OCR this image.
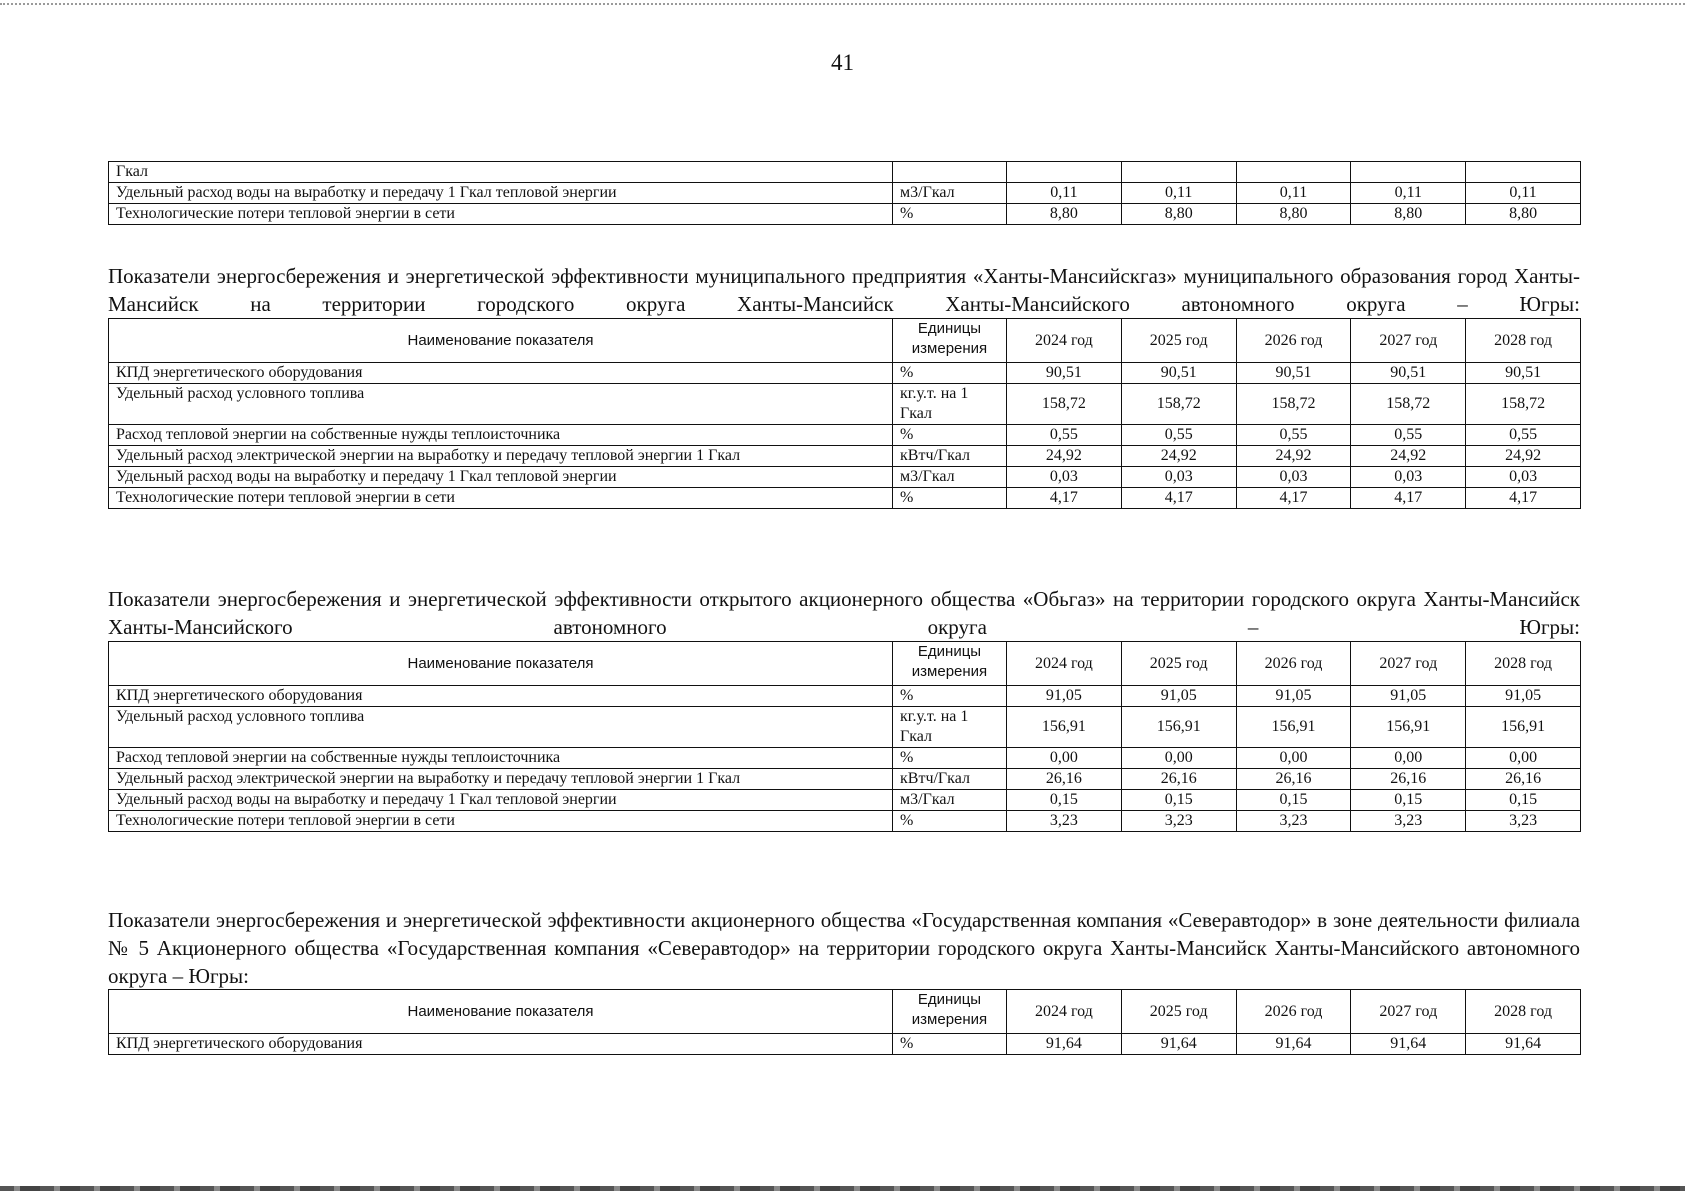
41
Гкал						
Удельный расход воды на выработку и передачу 1 Гкал тепловой энергии	м3/Гкал	0,11	0,11	0,11	0,11	0,11
Технологические потери тепловой энергии в сети	%	8,80	8,80	8,80	8,80	8,80
Показатели энергосбережения и энергетической эффективности муниципального предприятия «Ханты-Мансийскгаз» муниципального образования город Ханты-Мансийск на территории городского округа Ханты-Мансийск Ханты-Мансийского автономного округа – Югры:
Наименование показателя	Единицы измерения	2024 год	2025 год	2026 год	2027 год	2028 год
КПД энергетического оборудования	%	90,51	90,51	90,51	90,51	90,51
Удельный расход условного топлива	кг.у.т. на 1 Гкал	158,72	158,72	158,72	158,72	158,72
Расход тепловой энергии на собственные нужды теплоисточника	%	0,55	0,55	0,55	0,55	0,55
Удельный расход электрической энергии на выработку и передачу тепловой энергии 1 Гкал	кВтч/Гкал	24,92	24,92	24,92	24,92	24,92
Удельный расход воды на выработку и передачу 1 Гкал тепловой энергии	м3/Гкал	0,03	0,03	0,03	0,03	0,03
Технологические потери тепловой энергии в сети	%	4,17	4,17	4,17	4,17	4,17
Показатели энергосбережения и энергетической эффективности открытого акционерного общества «Обьгаз» на территории городского округа Ханты-Мансийск Ханты-Мансийского автономного округа – Югры:
Наименование показателя	Единицы измерения	2024 год	2025 год	2026 год	2027 год	2028 год
КПД энергетического оборудования	%	91,05	91,05	91,05	91,05	91,05
Удельный расход условного топлива	кг.у.т. на 1 Гкал	156,91	156,91	156,91	156,91	156,91
Расход тепловой энергии на собственные нужды теплоисточника	%	0,00	0,00	0,00	0,00	0,00
Удельный расход электрической энергии на выработку и передачу тепловой энергии 1 Гкал	кВтч/Гкал	26,16	26,16	26,16	26,16	26,16
Удельный расход воды на выработку и передачу 1 Гкал тепловой энергии	м3/Гкал	0,15	0,15	0,15	0,15	0,15
Технологические потери тепловой энергии в сети	%	3,23	3,23	3,23	3,23	3,23
Показатели энергосбережения и энергетической эффективности акционерного общества «Государственная компания «Северавтодор» в зоне деятельности филиала № 5 Акционерного общества «Государственная компания «Северавтодор» на территории городского округа Ханты-Мансийск Ханты-Мансийского автономного округа – Югры:
Наименование показателя	Единицы измерения	2024 год	2025 год	2026 год	2027 год	2028 год
КПД энергетического оборудования	%	91,64	91,64	91,64	91,64	91,64
